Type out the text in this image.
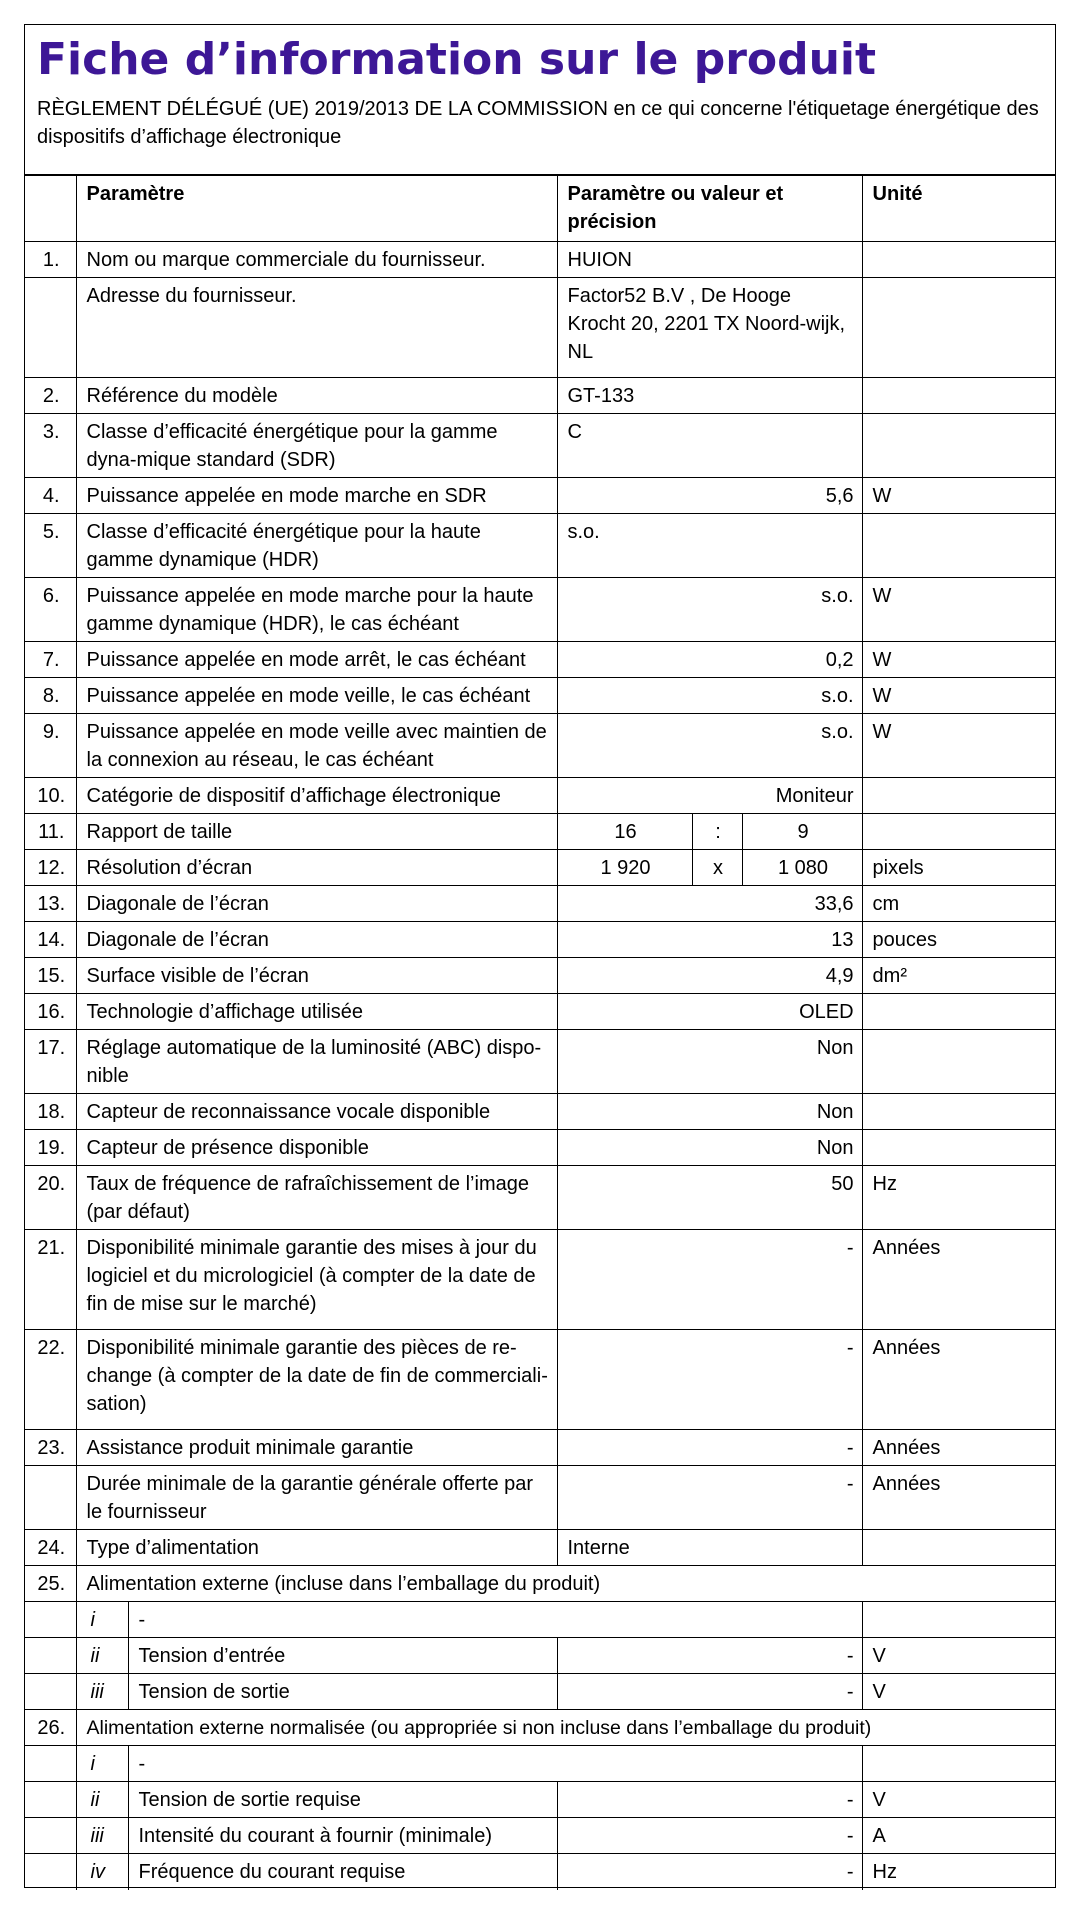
Fiche d’information sur le produit

RÈGLEMENT DÉLÉGUÉ (UE) 2019/2013 DE LA COMMISSION en ce qui concerne l'étiquetage énergétique des dispositifs d’affichage électronique

	Paramètre		Paramètre ou valeur et précision			Unité
1.	Nom ou marque commerciale du fournisseur.		HUION			
	Adresse du fournisseur.		Factor52 B.V , De Hooge Krocht 20, 2201 TX Noord-wijk, NL			
2.	Référence du modèle		GT-133			
3.	Classe d’efficacité énergétique pour la gamme dyna-mique standard (SDR)		C			
4.	Puissance appelée en mode marche en SDR		5,6			W
5.	Classe d’efficacité énergétique pour la haute gamme dynamique (HDR)		s.o.			
6.	Puissance appelée en mode marche pour la haute gamme dynamique (HDR), le cas échéant		s.o.			W
7.	Puissance appelée en mode arrêt, le cas échéant		0,2			W
8.	Puissance appelée en mode veille, le cas échéant		s.o.			W
9.	Puissance appelée en mode veille avec maintien de la connexion au réseau, le cas échéant		s.o.			W
10.	Catégorie de dispositif d’affichage électronique		Moniteur			
11.	Rapport de taille		16	:	9	
12.	Résolution d’écran		1 920	x	1 080	pixels
13.	Diagonale de l’écran		33,6			cm
14.	Diagonale de l’écran		13			pouces
15.	Surface visible de l’écran		4,9			dm²
16.	Technologie d’affichage utilisée		OLED			
17.	Réglage automatique de la luminosité (ABC) dispo-nible		Non			
18.	Capteur de reconnaissance vocale disponible		Non			
19.	Capteur de présence disponible		Non			
20.	Taux de fréquence de rafraîchissement de l’image (par défaut)		50			Hz
21.	Disponibilité minimale garantie des mises à jour du logiciel et du micrologiciel (à compter de la date de fin de mise sur le marché)		-			Années
22.	Disponibilité minimale garantie des pièces de re-change (à compter de la date de fin de commerciali-sation)		-			Années
23.	Assistance produit minimale garantie		-			Années
	Durée minimale de la garantie générale offerte par le fournisseur		-			Années
24.	Type d’alimentation		Interne			
25.	Alimentation externe (incluse dans l’emballage du produit)					
	i	-				
	ii	Tension d’entrée	-			V
	iii	Tension de sortie	-			V
26.	Alimentation externe normalisée (ou appropriée si non incluse dans l’emballage du produit)					
	i	-				
	ii	Tension de sortie requise	-			V
	iii	Intensité du courant à fournir (minimale)	-			A
	iv	Fréquence du courant requise	-			Hz
